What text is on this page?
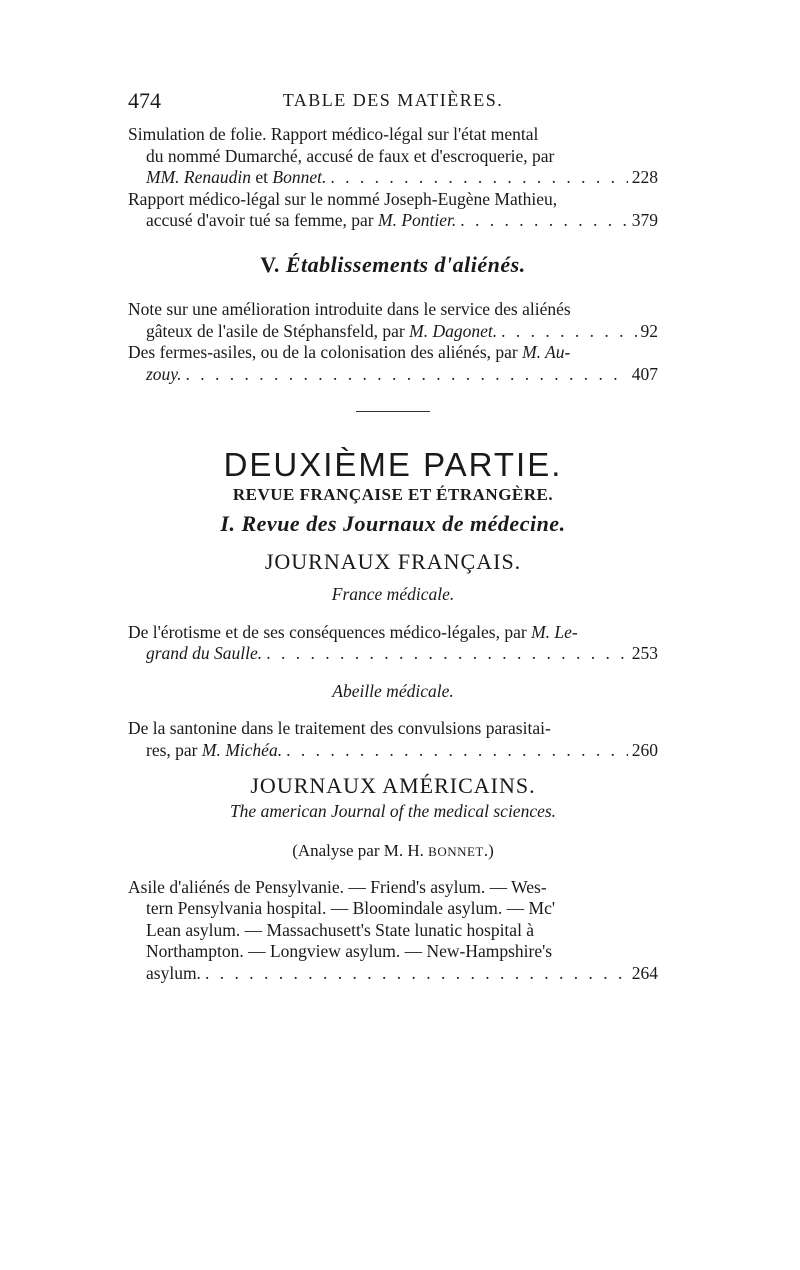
474	TABLE DES MATIÈRES.
Simulation de folie. Rapport médico-légal sur l'état mental
du nommé Dumarché, accusé de faux et d'escroquerie, par
MM. Renaudin et Bonnet. . . .	228
Rapport médico-légal sur le nommé Joseph-Eugène Mathieu,
accusé d'avoir tué sa femme, par M. Pontier. . . .	379
V. Établissements d'aliénés.
Note sur une amélioration introduite dans le service des aliénés
gâteux de l'asile de Stéphansfeld, par M. Dagonet. . . .	92
Des fermes-asiles, ou de la colonisation des aliénés, par M. Au-
zouy. . . .	407
DEUXIÈME PARTIE.
REVUE FRANÇAISE ET ÉTRANGÈRE.
I. Revue des Journaux de médecine.
JOURNAUX FRANÇAIS.
France médicale.
De l'érotisme et de ses conséquences médico-légales, par M. Le-
grand du Saulle. . . .	253
Abeille médicale.
De la santonine dans le traitement des convulsions parasitai-
res, par M. Michéa. . . .	260
JOURNAUX AMÉRICAINS.
The american Journal of the medical sciences.
(Analyse par M. H. BONNET.)
Asile d'aliénés de Pensylvanie. — Friend's asylum. — Wes-
tern Pensylvania hospital. — Bloomindale asylum. — Mc'
Lean asylum. — Massachusett's State lunatic hospital à
Northampton. — Longview asylum. — New-Hampshire's
asylum. . . .	264
